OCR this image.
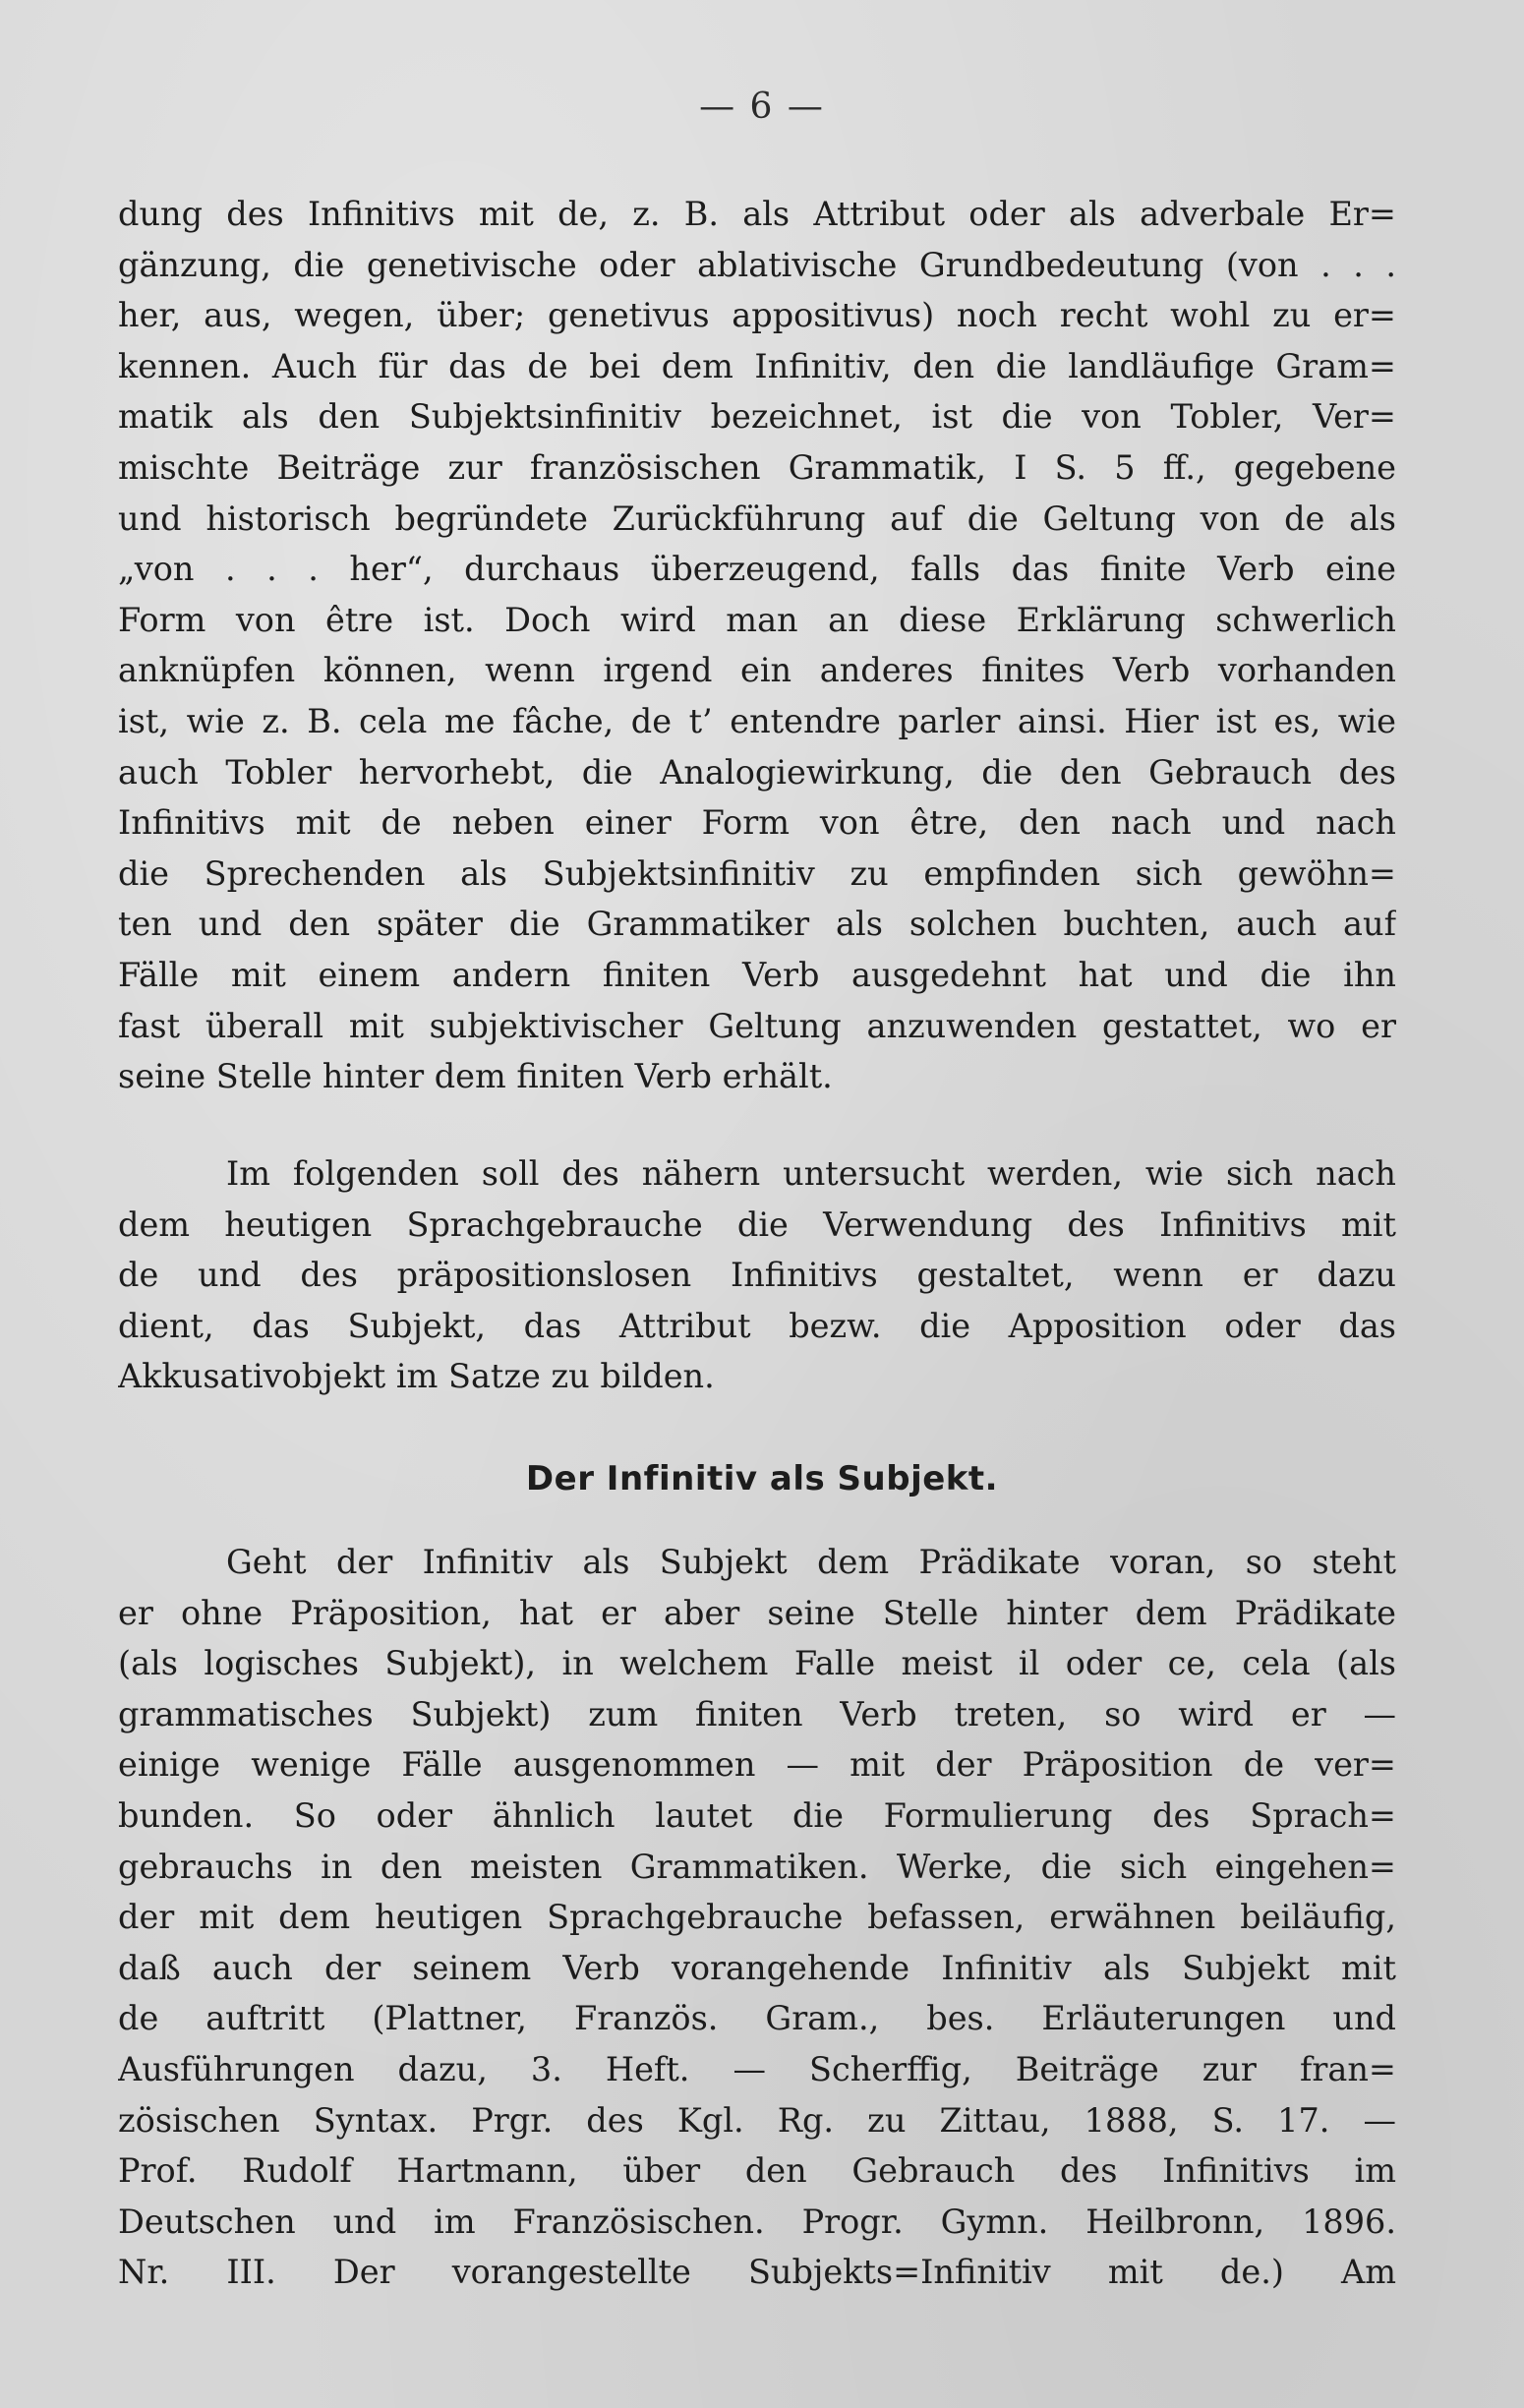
— 6 —
dung des Infinitivs mit de, z. B. als Attribut oder als adverbale Er=
gänzung, die genetivische oder ablativische Grundbedeutung (von . . .
her, aus, wegen, über; genetivus appositivus) noch recht wohl zu er=
kennen. Auch für das de bei dem Infinitiv, den die landläufige Gram=
matik als den Subjektsinfinitiv bezeichnet, ist die von Tobler, Ver=
mischte Beiträge zur französischen Grammatik, I S. 5 ff., gegebene
und historisch begründete Zurückführung auf die Geltung von de als
„von . . . her“, durchaus überzeugend, falls das finite Verb eine
Form von être ist. Doch wird man an diese Erklärung schwerlich
anknüpfen können, wenn irgend ein anderes finites Verb vorhanden
ist, wie z. B. cela me fâche, de t’ entendre parler ainsi. Hier ist es, wie
auch Tobler hervorhebt, die Analogiewirkung, die den Gebrauch des
Infinitivs mit de neben einer Form von être, den nach und nach
die Sprechenden als Subjektsinfinitiv zu empfinden sich gewöhn=
ten und den später die Grammatiker als solchen buchten, auch auf
Fälle mit einem andern finiten Verb ausgedehnt hat und die ihn
fast überall mit subjektivischer Geltung anzuwenden gestattet, wo er
seine Stelle hinter dem finiten Verb erhält.
Im folgenden soll des nähern untersucht werden, wie sich nach
dem heutigen Sprachgebrauche die Verwendung des Infinitivs mit
de und des präpositionslosen Infinitivs gestaltet, wenn er dazu
dient, das Subjekt, das Attribut bezw. die Apposition oder das
Akkusativobjekt im Satze zu bilden.
Der Infinitiv als Subjekt.
Geht der Infinitiv als Subjekt dem Prädikate voran, so steht
er ohne Präposition, hat er aber seine Stelle hinter dem Prädikate
(als logisches Subjekt), in welchem Falle meist il oder ce, cela (als
grammatisches Subjekt) zum finiten Verb treten, so wird er —
einige wenige Fälle ausgenommen — mit der Präposition de ver=
bunden. So oder ähnlich lautet die Formulierung des Sprach=
gebrauchs in den meisten Grammatiken. Werke, die sich eingehen=
der mit dem heutigen Sprachgebrauche befassen, erwähnen beiläufig,
daß auch der seinem Verb vorangehende Infinitiv als Subjekt mit
de auftritt (Plattner, Französ. Gram., bes. Erläuterungen und
Ausführungen dazu, 3. Heft. — Scherffig, Beiträge zur fran=
zösischen Syntax. Prgr. des Kgl. Rg. zu Zittau, 1888, S. 17. —
Prof. Rudolf Hartmann, über den Gebrauch des Infinitivs im
Deutschen und im Französischen. Progr. Gymn. Heilbronn, 1896.
Nr. III. Der vorangestellte Subjekts=Infinitiv mit de.) Am
